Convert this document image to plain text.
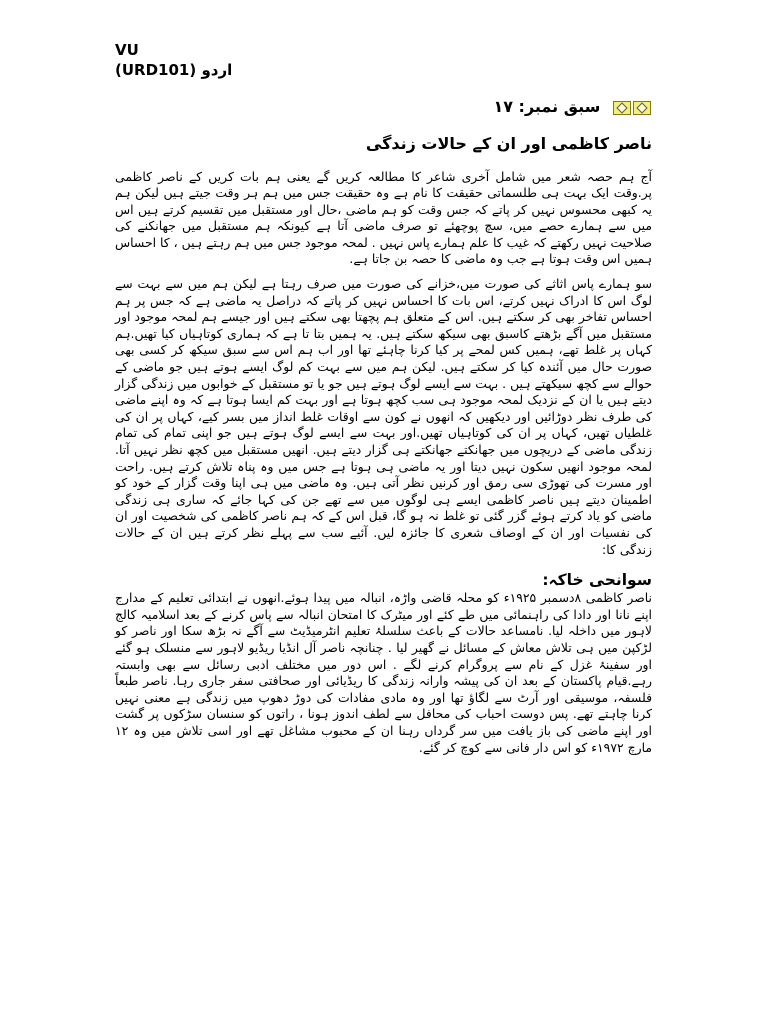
VU
(URD101) اردو
سبق نمبر: ۱۷
ناصر کاظمی اور ان کے حالات زندگی

آج ہم حصہ شعر میں شامل آخری شاعر کا مطالعہ کریں گے یعنی ہم بات کریں کے ناصر کاظمی پر.وقت ایک بہت ہی طلسماتی حقیقت کا نام ہے وہ حقیقت جس میں ہم ہر وقت جیتے ہیں لیکن ہم یہ کبھی محسوس نہیں کر پاتے کہ جس وقت کو ہم ماضی ،حال اور مستقبل میں تقسیم کرتے ہیں اس میں سے ہمارے حصے میں، سچ پوچھئے تو صرف ماضی آتا ہے کیونکہ ہم مستقبل میں جھانکنے کی صلاحیت نہیں رکھتے کہ غیب کا علم ہمارے پاس نہیں . لمحہ موجود جس میں ہم رہتے ہیں ، کا احساس ہمیں اس وقت ہوتا ہے جب وہ ماضی کا حصہ بن جاتا ہے.

سو ہمارے پاس اثاثے کی صورت میں،خزانے کی صورت میں صرف رہتا ہے لیکن ہم میں سے بہت سے لوگ اس کا ادراک نہیں کرتے، اس بات کا احساس نہیں کر پاتے کہ دراصل یہ ماضی ہے کہ جس پر ہم احساس تفاخر بھی کر سکتے ہیں. اس کے متعلق ہم پچھتا بھی سکتے ہیں اور جیسے ہم لمحہ موجود اور مستقبل میں آگے بڑھتے کاسبق بھی سیکھ سکتے ہیں. یہ ہمیں بتا تا ہے کہ ہماری کوتاہیاں کیا تھیں.ہم کہاں پر غلط تھے، ہمیں کس لمحے پر کیا کرنا چاہئے تھا اور اب ہم اس سے سبق سیکھ کر کسی بھی صورت حال میں آئندہ کیا کر سکتے ہیں. لیکن ہم میں سے بہت کم لوگ ایسے ہوتے ہیں جو ماضی کے حوالے سے کچھ سیکھتے ہیں . بہت سے ایسے لوگ ہوتے ہیں جو یا تو مستقبل کے خوابوں میں زندگی گزار دیتے ہیں یا ان کے نزدیک لمحہ موجود ہی سب کچھ ہوتا ہے اور بہت کم ایسا ہوتا ہے کہ وہ اپنے ماضی کی طرف نظر دوڑائیں اور دیکھیں کہ انھوں نے کون سے اوقات غلط انداز میں بسر کیے، کہاں پر ان کی غلطیاں تھیں، کہاں پر ان کی کوتاہیاں تھیں.اور بہت سے ایسے لوگ ہوتے ہیں جو اپنی تمام کی تمام زندگی ماضی کے دریچوں میں جھانکتے جھانکتے ہی گزار دیتے ہیں. انھیں مستقبل میں کچھ نظر نہیں آتا. لمحہ موجود انھیں سکون نہیں دیتا اور یہ ماضی ہی ہوتا ہے جس میں وہ پناہ تلاش کرتے ہیں. راحت اور مسرت کی تھوڑی سی رمق اور کرنیں نظر آتی ہیں. وہ ماضی میں ہی اپنا وقت گزار کے خود کو اطمینان دیتے ہیں ناصر کاظمی ایسے ہی لوگوں میں سے تھے جن کی کہا جائے کہ ساری ہی زندگی ماضی کو یاد کرتے ہوئے گزر گئی تو غلط نہ ہو گا، قبل اس کے کہ ہم ناصر کاظمی کی شخصیت اور ان کی نفسیات اور ان کے اوصاف شعری کا جائزہ لیں. آئیے سب سے پہلے نظر کرتے ہیں ان کے حالات زندگی کا:

سوانحی خاکہ:

ناصر کاظمی ۸دسمبر ۱۹۲۵ء کو محلہ قاضی واڑہ، انبالہ میں پیدا ہوئے.انھوں نے ابتدائی تعلیم کے مدارج اپنے نانا اور دادا کی راہنمائی میں طے کئے اور میٹرک کا امتحان انبالہ سے پاس کرنے کے بعد اسلامیہ کالج لاہور میں داخلہ لیا. نامساعد حالات کے باعث سلسلۂ تعلیم انٹرمیڈیٹ سے آگے نہ بڑھ سکا اور ناصر کو لڑکپن میں ہی تلاش معاش کے مسائل نے گھیر لیا . چنانچہ ناصر آل انڈیا ریڈیو لاہور سے منسلک ہو گئے اور سفینۂ غزل کے نام سے پروگرام کرنے لگے . اس دور میں مختلف ادبی رسائل سے بھی وابستہ رہے.قیام پاکستان کے بعد ان کی پیشہ وارانہ زندگی کا ریڈیائی اور صحافتی سفر جاری رہا. ناصر طبعاً فلسفہ، موسیقی اور آرٹ سے لگاؤ تھا اور وہ مادی مفادات کی دوڑ دھوپ میں زندگی ہے معنی نہیں کرنا چاہتے تھے. پس دوست احباب کی محافل سے لطف اندوز ہونا ، راتوں کو سنسان سڑکوں پر گشت اور اپنے ماضی کی باز یافت میں سر گرداں رہنا ان کے محبوب مشاغل تھے اور اسی تلاش میں وہ ۱۲ مارچ ۱۹۷۲ء کو اس دار فانی سے کوچ کر گئے.
